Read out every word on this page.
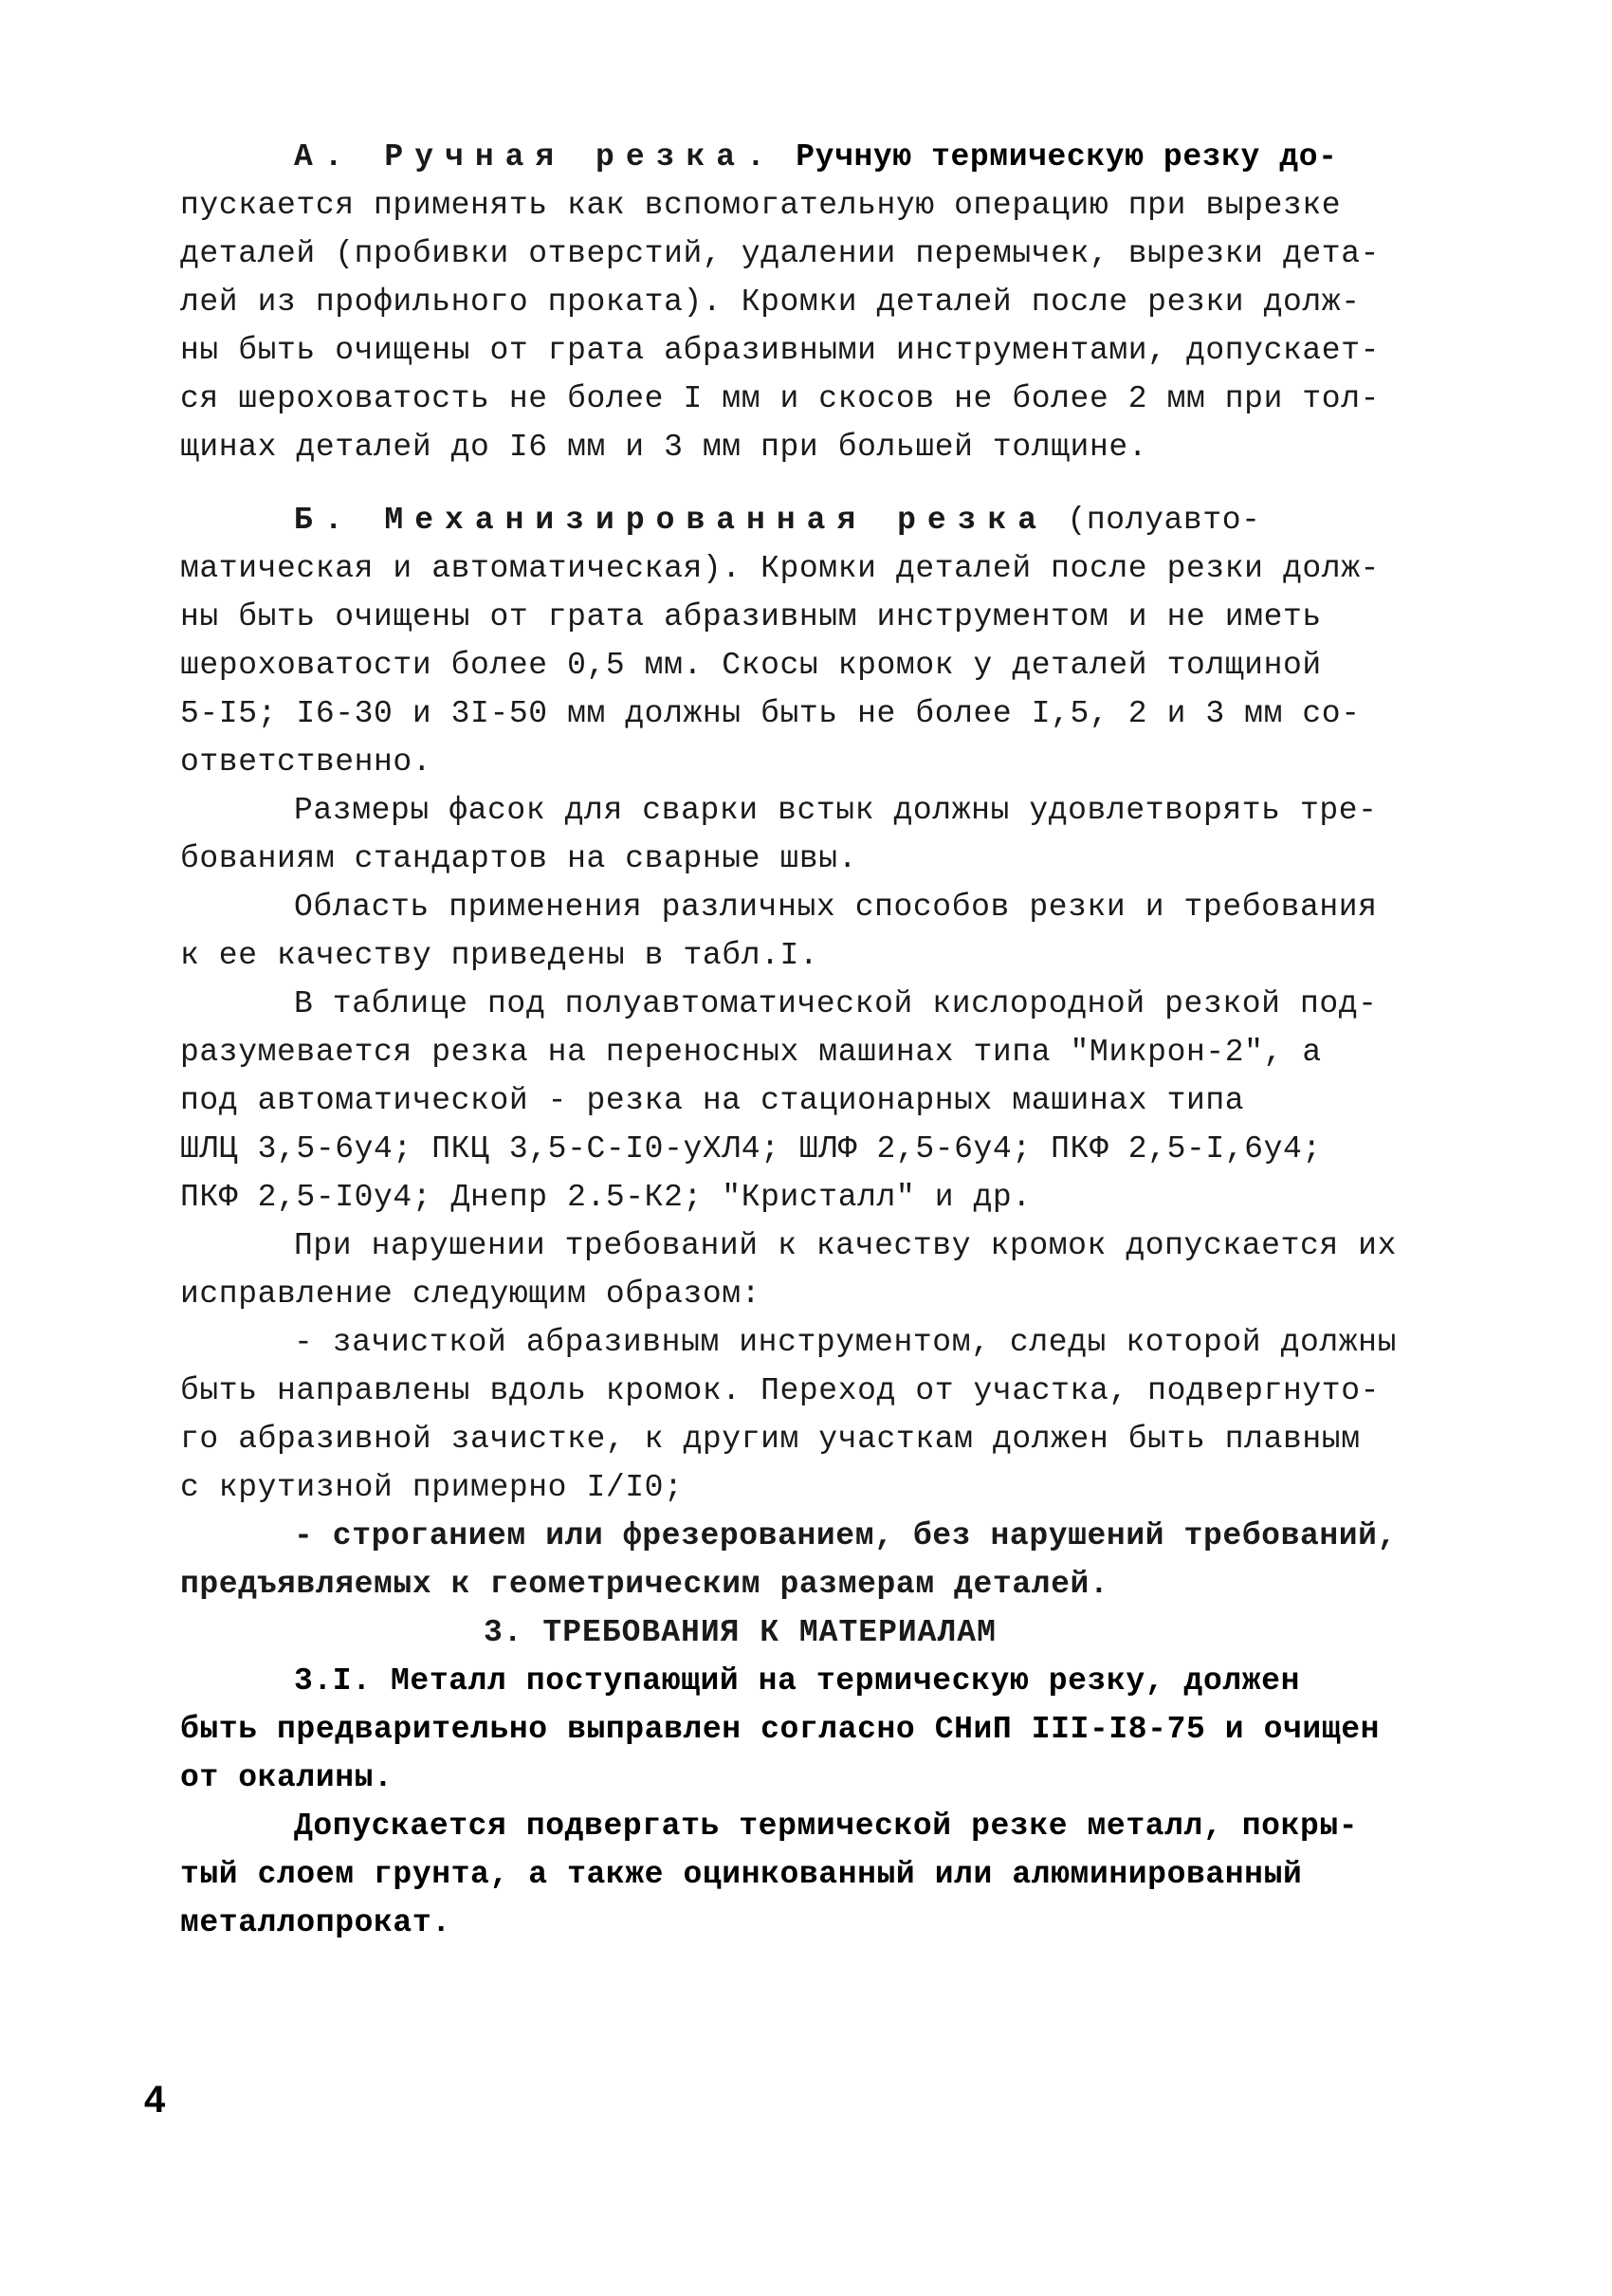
А. Ручная резка. Ручную термическую резку до-
пускается применять как вспомогательную операцию при вырезке
деталей (пробивки отверстий, удалении перемычек, вырезки дета-
лей из профильного проката). Кромки деталей после резки долж-
ны быть очищены от грата абразивными инструментами, допускает-
ся шероховатость не более I мм и скосов не более 2 мм при тол-
щинах деталей до I6 мм и 3 мм при большей толщине.
Б. Механизированная резка (полуавто-
матическая и автоматическая). Кромки деталей после резки долж-
ны быть очищены от грата абразивным инструментом и не иметь
шероховатости более 0,5 мм. Скосы кромок у деталей толщиной
5-I5; I6-30 и 3I-50 мм должны быть не более I,5, 2 и 3 мм со-
ответственно.
Размеры фасок для сварки встык должны удовлетворять тре-
бованиям стандартов на сварные швы.
Область применения различных способов резки и требования
к ее качеству приведены в табл.I.
В таблице под полуавтоматической кислородной резкой под-
разумевается резка на переносных машинах типа "Микрон-2", а
под автоматической - резка на стационарных машинах типа
ШЛЦ 3,5-6у4; ПКЦ 3,5-С-I0-уХЛ4; ШЛФ 2,5-6у4; ПКФ 2,5-I,6у4;
ПКФ 2,5-I0у4; Днепр 2.5-К2; "Кристалл" и др.
При нарушении требований к качеству кромок допускается их
исправление следующим образом:
- зачисткой абразивным инструментом, следы которой должны
быть направлены вдоль кромок. Переход от участка, подвергнуто-
го абразивной зачистке, к другим участкам должен быть плавным
с крутизной примерно I/I0;
- строганием или фрезерованием, без нарушений требований,
предъявляемых к геометрическим размерам деталей.
3. ТРЕБОВАНИЯ К МАТЕРИАЛАМ
3.I. Металл поступающий на термическую резку, должен
быть предварительно выправлен согласно СНиП III-I8-75 и очищен
от окалины.
Допускается подвергать термической резке металл, покры-
тый слоем грунта, а также оцинкованный или алюминированный
металлопрокат.
4
